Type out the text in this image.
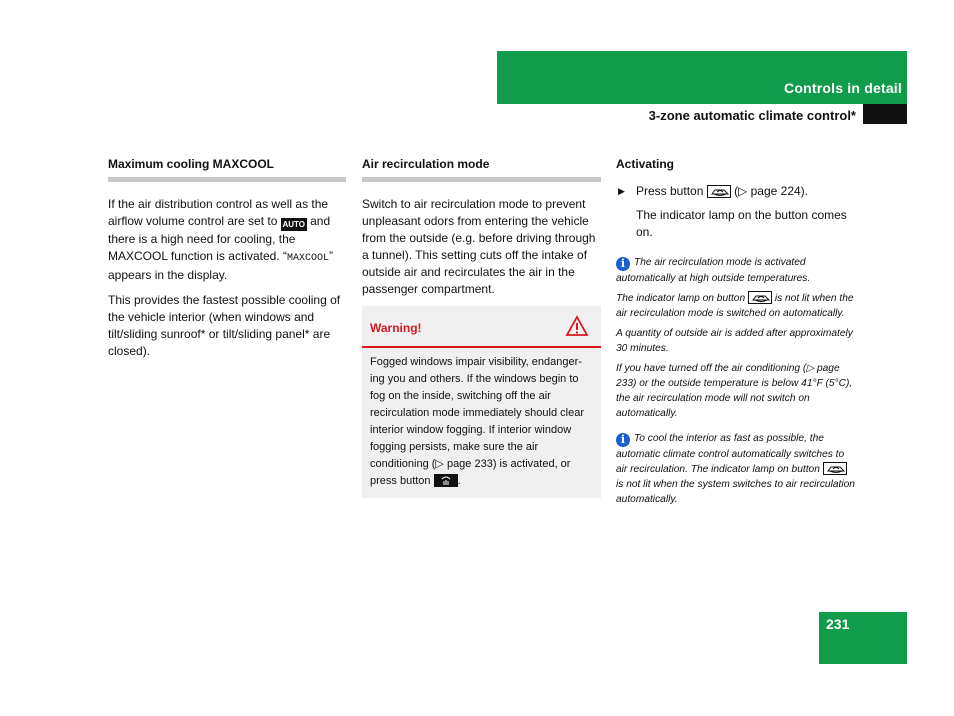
Controls in detail
3-zone automatic climate control*
Maximum cooling MAXCOOL

If the air distribution control as well as the airflow volume control are set to AUTO and there is a high need for cooling, the MAXCOOL function is activated. “MAXCOOL” appears in the display.

This provides the fastest possible cooling of the vehicle interior (when windows and tilt/sliding sunroof* or tilt/sliding panel* are closed).

Air recirculation mode

Switch to air recirculation mode to prevent unpleasant odors from entering the vehicle from the outside (e.g. before driving through a tunnel). This setting cuts off the intake of outside air and recirculates the air in the passenger compartment.

Warning!
Fogged windows impair visibility, endanger-ing you and others. If the windows begin to fog on the inside, switching off the air recirculation mode immediately should clear interior window fogging. If interior window fogging persists, make sure the air conditioning (▷ page 233) is activated, or press button .
Activating
▶ Press button	(▷ page 224).
The indicator lamp on the button comes on.
i The air recirculation mode is activated automatically at high outside temperatures.
The indicator lamp on button	is not lit when the air recirculation mode is switched on automatically.
A quantity of outside air is added after approximately 30 minutes.
If you have turned off the air conditioning (▷ page 233) or the outside temperature is below 41°F (5°C), the air recirculation mode will not switch on automatically.
i To cool the interior as fast as possible, the automatic climate control automatically switches to air recirculation. The indicator lamp on button
is not lit when the system switches to air recirculation automatically.
231
